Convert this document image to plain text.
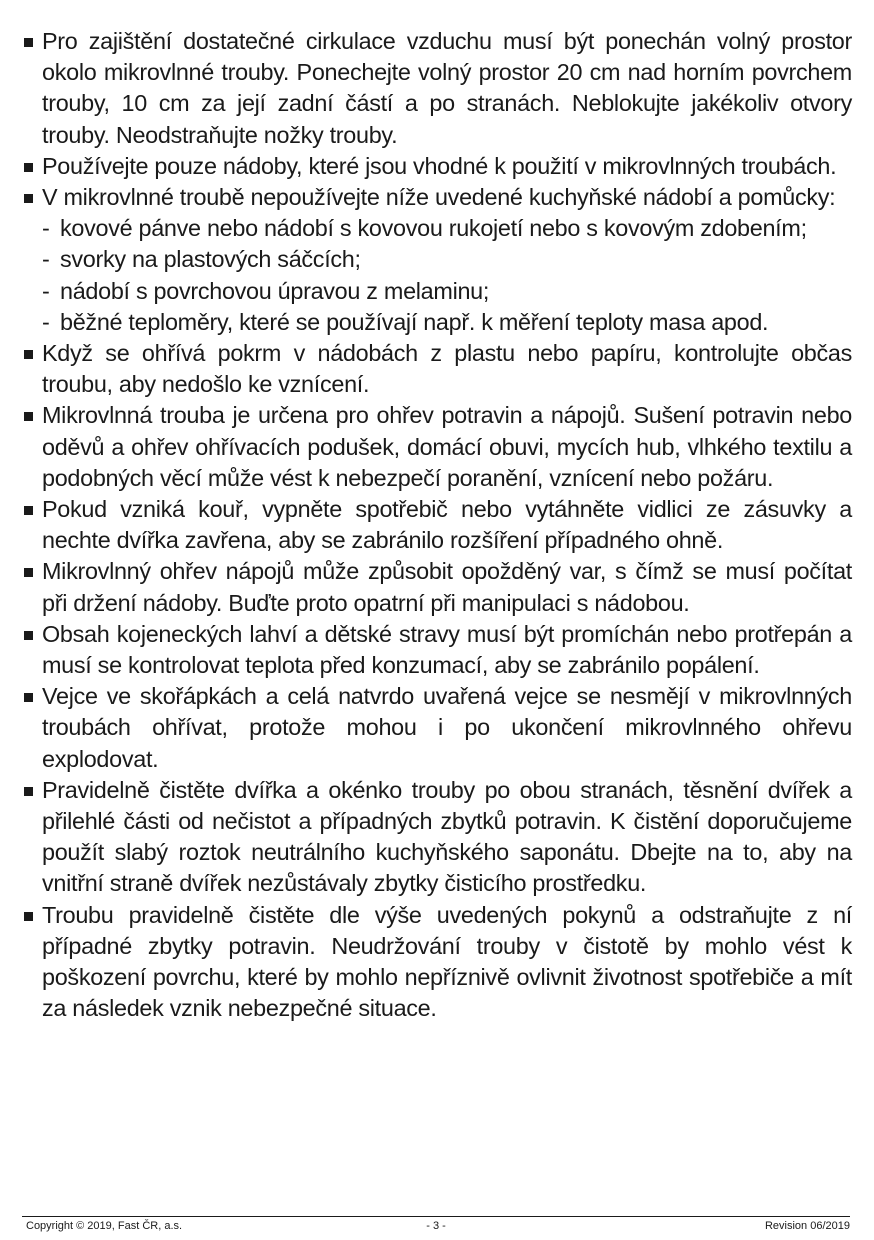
Pro zajištění dostatečné cirkulace vzduchu musí být ponechán volný prostor okolo mikrovlnné trouby. Ponechejte volný prostor 20 cm nad horním povrchem trouby, 10 cm za její zadní částí a po stranách. Neblokujte jakékoliv otvory trouby. Neodstraňujte nožky trouby.
Používejte pouze nádoby, které jsou vhodné k použití v mikrovlnných troubách.
V mikrovlnné troubě nepoužívejte níže uvedené kuchyňské nádobí a pomůcky:
- kovové pánve nebo nádobí s kovovou rukojetí nebo s kovovým zdobením;
- svorky na plastových sáčcích;
- nádobí s povrchovou úpravou z melaminu;
- běžné teploměry, které se používají např. k měření teploty masa apod.
Když se ohřívá pokrm v nádobách z plastu nebo papíru, kontrolujte občas troubu, aby nedošlo ke vznícení.
Mikrovlnná trouba je určena pro ohřev potravin a nápojů. Sušení potravin nebo oděvů a ohřev ohřívacích podušek, domácí obuvi, mycích hub, vlhkého textilu a podobných věcí může vést k nebezpečí poranění, vznícení nebo požáru.
Pokud vzniká kouř, vypněte spotřebič nebo vytáhněte vidlici ze zásuvky a nechte dvířka zavřena, aby se zabránilo rozšíření případného ohně.
Mikrovlnný ohřev nápojů může způsobit opožděný var, s čímž se musí počítat při držení nádoby. Buďte proto opatrní při manipulaci s nádobou.
Obsah kojeneckých lahví a dětské stravy musí být promíchán nebo protřepán a musí se kontrolovat teplota před konzumací, aby se zabránilo popálení.
Vejce ve skořápkách a celá natvrdo uvařená vejce se nesmějí v mikrovlnných troubách ohřívat, protože mohou i po ukončení mikrovlnného ohřevu explodovat.
Pravidelně čistěte dvířka a okénko trouby po obou stranách, těsnění dvířek a přilehlé části od nečistot a případných zbytků potravin. K čistění doporučujeme použít slabý roztok neutrálního kuchyňského saponátu. Dbejte na to, aby na vnitřní straně dvířek nezůstávaly zbytky čisticího prostředku.
Troubu pravidelně čistěte dle výše uvedených pokynů a odstraňujte z ní případné zbytky potravin. Neudržování trouby v čistotě by mohlo vést k poškození povrchu, které by mohlo nepříznivě ovlivnit životnost spotřebiče a mít za následek vznik nebezpečné situace.
Copyright © 2019, Fast ČR, a.s.	- 3 -	Revision 06/2019
